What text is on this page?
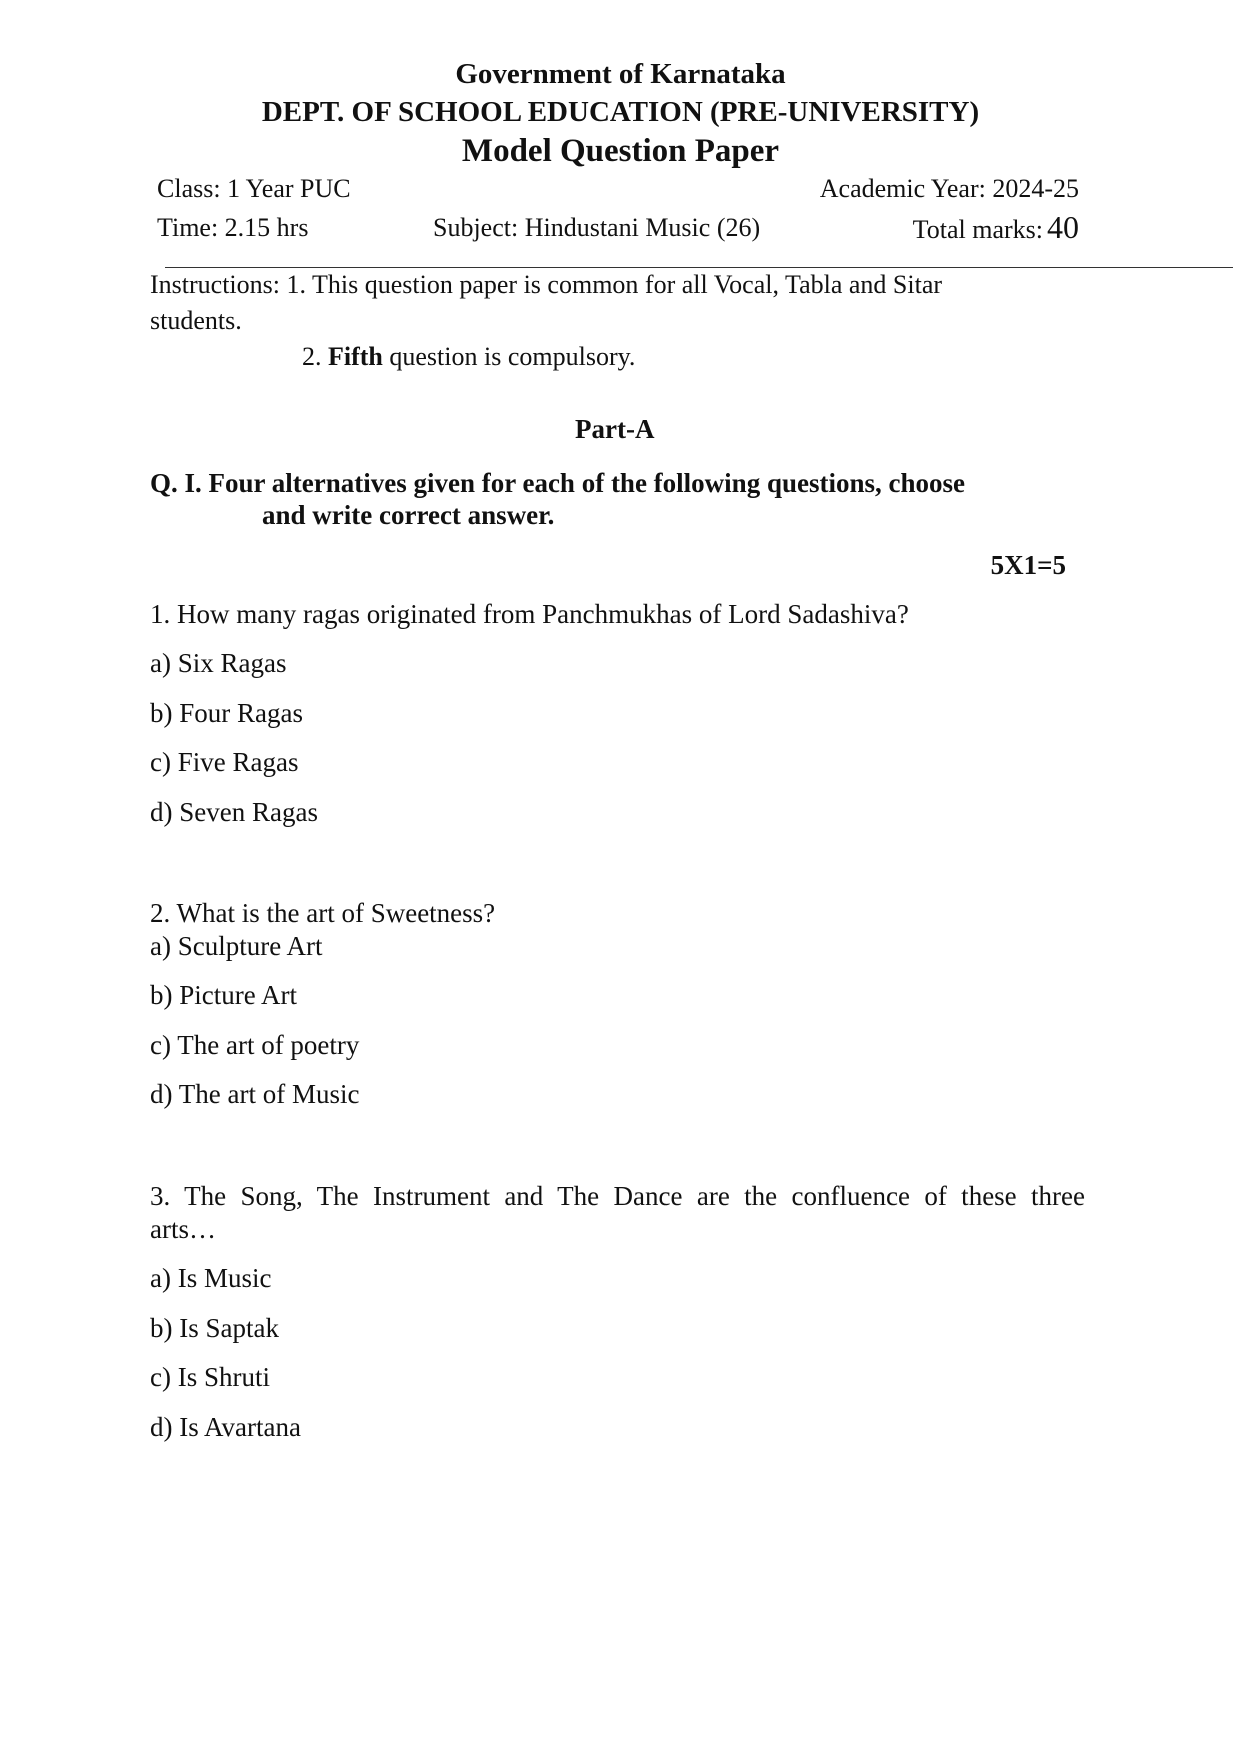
Government of Karnataka
DEPT. OF SCHOOL EDUCATION (PRE-UNIVERSITY)
Model Question Paper
Class: 1 Year PUC	Academic Year: 2024-25
Time: 2.15 hrs	Subject: Hindustani Music (26)	Total marks: 40
Instructions: 1. This question paper is common for all Vocal, Tabla and Sitar
students.
2. Fifth question is compulsory.
Part-A
Q. I. Four alternatives given for each of the following questions, choose
and write correct answer.
5X1=5
1. How many ragas originated from Panchmukhas of Lord Sadashiva?
a) Six Ragas
b) Four Ragas
c) Five Ragas
d) Seven Ragas
2. What is the art of Sweetness?
a) Sculpture Art
b) Picture Art
c) The art of poetry
d) The art of Music
3. The Song, The Instrument and The Dance are the confluence of these three
arts…
a) Is Music
b) Is Saptak
c) Is Shruti
d) Is Avartana
